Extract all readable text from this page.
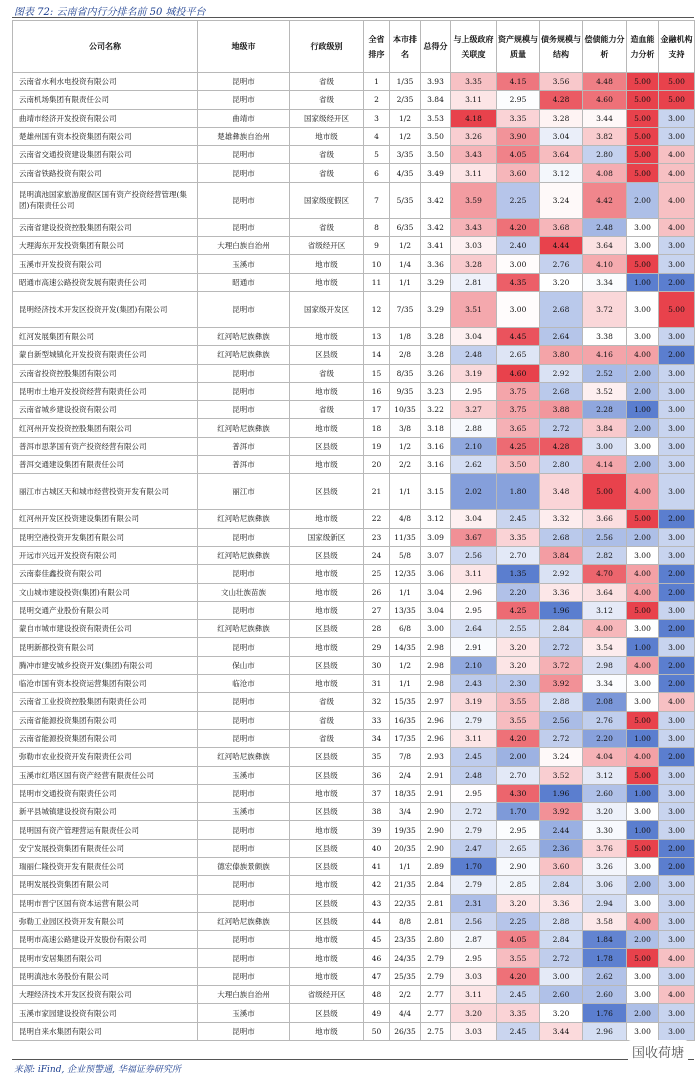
图表 72: 云南省内行分排名前 50 城投平台
公司名称	地级市	行政级别	全省排序	本市排名	总得分	与上级政府关联度	资产规模与质量	债务规模与结构	偿债能力分析	造血能力分析	金融机构支持
云南省水利水电投资有限公司	昆明市	省级	1	1/35	3.93	3.35	4.15	3.56	4.48	5.00	5.00
云南机场集团有限责任公司	昆明市	省级	2	2/35	3.84	3.11	2.95	4.28	4.60	5.00	5.00
曲靖市经济开发投资有限公司	曲靖市	国家级经开区	3	1/2	3.53	4.18	3.35	3.28	3.44	5.00	3.00
楚雄州国有资本投资集团有限公司	楚雄彝族自治州	地市级	4	1/2	3.50	3.26	3.90	3.04	3.82	5.00	3.00
云南省交通投资建设集团有限公司	昆明市	省级	5	3/35	3.50	3.43	4.05	3.64	2.80	5.00	4.00
云南省铁路投资有限公司	昆明市	省级	6	4/35	3.49	3.11	3.60	3.12	4.08	5.00	4.00
昆明滇池国家旅游度假区国有资产投资经营管理(集团)有限责任公司	昆明市	国家级度假区	7	5/35	3.42	3.59	2.25	3.24	4.42	2.00	4.00
云南省建设投资控股集团有限公司	昆明市	省级	8	6/35	3.42	3.43	4.20	3.68	2.48	3.00	4.00
大理海东开发投资集团有限公司	大理白族自治州	省级经开区	9	1/2	3.41	3.03	2.40	4.44	3.64	3.00	3.00
玉溪市开发投资有限公司	玉溪市	地市级	10	1/4	3.36	3.28	3.00	2.76	4.10	5.00	3.00
昭通市高速公路投资发展有限责任公司	昭通市	地市级	11	1/1	3.29	2.81	4.35	3.20	3.34	1.00	2.00
昆明经济技术开发区投资开发(集团)有限公司	昆明市	国家级开发区	12	7/35	3.29	3.51	3.00	2.68	3.72	3.00	5.00
红河发展集团有限公司	红河哈尼族彝族	地市级	13	1/8	3.28	3.04	4.45	2.64	3.38	3.00	3.00
蒙自新型城镇化开发投资有限责任公司	红河哈尼族彝族	区县级	14	2/8	3.28	2.48	2.65	3.80	4.16	4.00	2.00
云南省投资控股集团有限公司	昆明市	省级	15	8/35	3.26	3.19	4.60	2.92	2.52	2.00	3.00
昆明市土地开发投资经营有限责任公司	昆明市	地市级	16	9/35	3.23	2.95	3.75	2.68	3.52	2.00	3.00
云南省城乡建设投资有限公司	昆明市	省级	17	10/35	3.22	3.27	3.75	3.88	2.28	1.00	3.00
红河州开发投资控股集团有限公司	红河哈尼族彝族	地市级	18	3/8	3.18	2.88	3.65	2.72	3.84	2.00	3.00
普洱市思茅国有资产投资经营有限公司	普洱市	区县级	19	1/2	3.16	2.10	4.25	4.28	3.00	3.00	3.00
普洱交通建设集团有限责任公司	普洱市	地市级	20	2/2	3.16	2.62	3.50	2.80	4.14	2.00	3.00
丽江市古城区天和城市经营投资开发有限公司	丽江市	区县级	21	1/1	3.15	2.02	1.80	3.48	5.00	4.00	3.00
红河州开发区投资建设集团有限公司	红河哈尼族彝族	地市级	22	4/8	3.12	3.04	2.45	3.32	3.66	5.00	2.00
昆明空港投资开发集团有限公司	昆明市	国家级新区	23	11/35	3.09	3.67	3.35	2.68	2.56	2.00	3.00
开远市兴远开发投资有限公司	红河哈尼族彝族	区县级	24	5/8	3.07	2.56	2.70	3.84	2.82	3.00	3.00
云南泰佳鑫投资有限公司	昆明市	地市级	25	12/35	3.06	3.11	1.35	2.92	4.70	4.00	2.00
文山城市建设投资(集团)有限公司	文山壮族苗族	地市级	26	1/1	3.04	2.96	2.20	3.36	3.64	4.00	2.00
昆明交通产业股份有限公司	昆明市	地市级	27	13/35	3.04	2.95	4.25	1.96	3.12	5.00	3.00
蒙自市城市建设投资有限责任公司	红河哈尼族彝族	区县级	28	6/8	3.00	2.64	2.55	2.84	4.00	3.00	2.00
昆明新都投资有限公司	昆明市	地市级	29	14/35	2.98	2.91	3.20	2.72	3.54	1.00	3.00
腾冲市建安城乡投资开发(集团)有限公司	保山市	区县级	30	1/2	2.98	2.10	3.20	3.72	2.98	4.00	2.00
临沧市国有资本投资运营集团有限公司	临沧市	地市级	31	1/1	2.98	2.43	2.30	3.92	3.34	3.00	2.00
云南省工业投资控股集团有限责任公司	昆明市	省级	32	15/35	2.97	3.19	3.55	2.88	2.08	3.00	4.00
云南省能源投资集团有限公司	昆明市	省级	33	16/35	2.96	2.79	3.55	2.56	2.76	5.00	3.00
云南省能源投资集团有限公司	昆明市	省级	34	17/35	2.96	3.11	4.20	2.72	2.20	1.00	3.00
弥勒市农业投资开发有限责任公司	红河哈尼族彝族	区县级	35	7/8	2.93	2.45	2.00	3.24	4.04	4.00	2.00
玉溪市红塔区国有资产经营有限责任公司	玉溪市	区县级	36	2/4	2.91	2.48	2.70	3.52	3.12	5.00	3.00
昆明市交通投资有限责任公司	昆明市	地市级	37	18/35	2.91	2.95	4.30	1.96	2.60	1.00	3.00
新平县城镇建设投资有限公司	玉溪市	区县级	38	3/4	2.90	2.72	1.70	3.92	3.20	3.00	3.00
昆明国有资产管理营运有限责任公司	昆明市	地市级	39	19/35	2.90	2.79	2.95	2.44	3.30	1.00	3.00
安宁发展投资集团有限责任公司	昆明市	区县级	40	20/35	2.90	2.47	2.65	2.36	3.76	5.00	2.00
瑞丽仁隆投资开发有限责任公司	德宏傣族景颇族	区县级	41	1/1	2.89	1.70	2.90	3.60	3.26	3.00	2.00
昆明发展投资集团有限公司	昆明市	地市级	42	21/35	2.84	2.79	2.85	2.84	3.06	2.00	3.00
昆明市晋宁区国有资本运营有限公司	昆明市	区县级	43	22/35	2.81	2.31	3.20	3.36	2.94	3.00	3.00
弥勒工业园区投资开发有限公司	红河哈尼族彝族	区县级	44	8/8	2.81	2.56	2.25	2.88	3.58	4.00	3.00
昆明市高速公路建设开发股份有限公司	昆明市	地市级	45	23/35	2.80	2.87	4.05	2.84	1.84	2.00	3.00
昆明市安居集团有限公司	昆明市	地市级	46	24/35	2.79	2.95	3.55	2.72	1.78	5.00	4.00
昆明滇池水务股份有限公司	昆明市	地市级	47	25/35	2.79	3.03	4.20	3.00	2.62	3.00	3.00
大理经济技术开发区投资有限公司	大理白族自治州	省级经开区	48	2/2	2.77	3.11	2.45	2.60	2.60	3.00	4.00
玉溪市家园建设投资有限公司	玉溪市	区县级	49	4/4	2.77	3.20	3.35	3.20	1.76	2.00	3.00
昆明自来水集团有限公司	昆明市	地市级	50	26/35	2.75	3.03	2.45	3.44	2.96	3.00	3.00
来源: iFind, 企业预警通, 华福证券研究所
国收荷塘
